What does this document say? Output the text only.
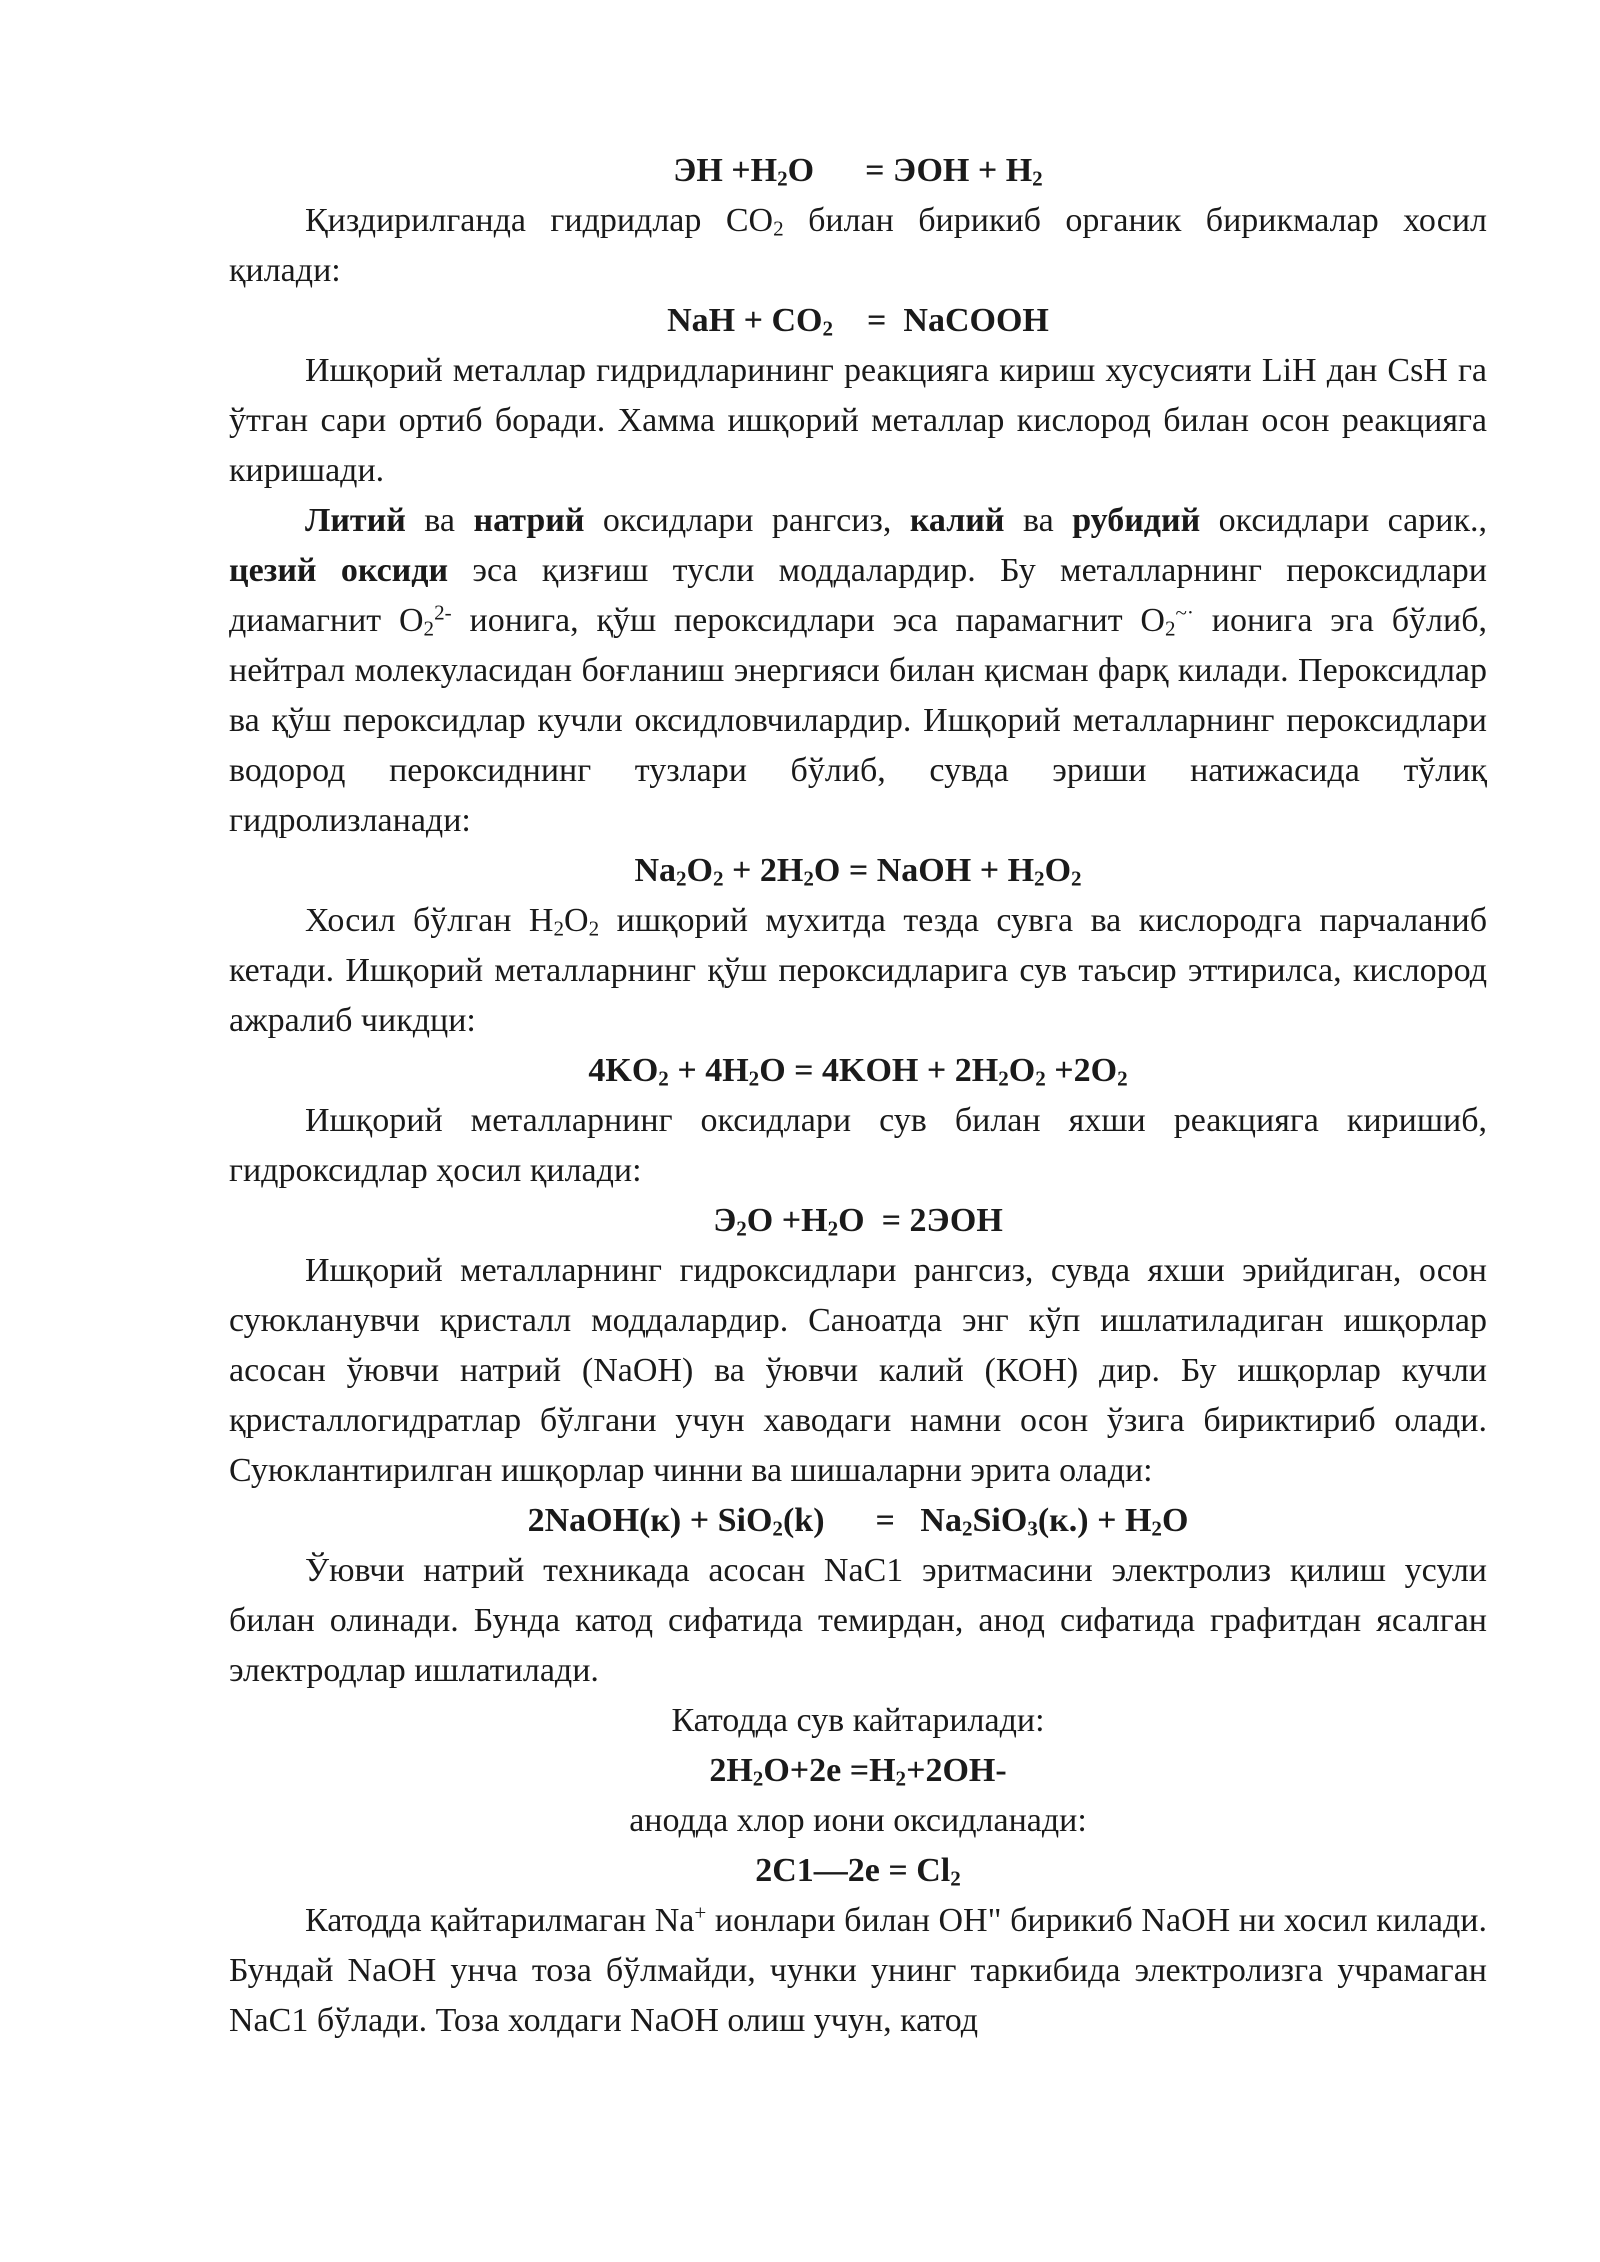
ЭН $+Н_2О$      = ЭОН + $Н_2$

Қиздирилганда гидридлар $СО_2$ билан бирикиб органик бирикмалар хосил қилади:

NaH + $CO_2$    =  NaCOOH

Ишқорий металлар гидридларининг реакцияга кириш хусусияти LiH дан CsH га ўтган сари ортиб боради. Хамма ишқорий металлар кислород билан осон реакцияга киришади.

Литий ва натрий оксидлари рангсиз, калий ва рубидий оксидлари сарик., цезий оксиди эса қизғиш тусли моддалардир. Бу металларнинг пероксидлари диамагнит $O_2^{2-}$ ионига, қўш пероксидлари эса парамагнит $O_2^{\sim\cdot}$ ионига эга бўлиб, нейтрал молекуласидан боғланиш энергияси билан қисман фарқ килади. Пероксидлар ва қўш пероксидлар кучли оксидловчилардир. Ишқорий металларнинг пероксидлари водород пероксиднинг тузлари бўлиб, сувда эриши натижасида тўлиқ гидролизланади:

$Na_2O_2 + 2H_2O$ = NaOH + $H_2O_2$

Хосил бўлган $Н_2О_2$ ишқорий мухитда тезда сувга ва кислородга парчаланиб кетади. Ишқорий металларнинг қўш пероксидларига сув таъсир эттирилса, кислород ажралиб чикдци:

$4KO_2 + 4H_2O = 4KOH + 2H_2O_2 +2O_2$

Ишқорий металларнинг оксидлари сув билан яхши реакцияга киришиб, гидроксидлар ҳосил қилади:

$Э_2О +Н_2О = 2ЭОН$

Ишқорий металларнинг гидроксидлари рангсиз, сувда яхши эрийдиган, осон суюкланувчи қристалл моддалардир. Саноатда энг кўп ишлатиладиган ишқорлар асосан ўювчи натрий (NaOH) ва ўювчи калий (КОН) дир. Бу ишқорлар кучли қристаллогидратлар бўлгани учун хаводаги намни осон ўзига бириктириб олади. Суюклантирилган ишқорлар чинни ва шишаларни эрита олади:

2NaOH(к) + SiO$_2$(k)      =   $Na_2SiO_3(к.) + H_2O$

Ўювчи натрий техникада асосан NaC1 эритмасини электролиз қилиш усули билан олинади. Бунда катод сифатида темирдан, анод сифатида графитдан ясалган электродлар ишлатилади.

Катодда сув кайтарилади:

$2H_2O+2e =H_2+2OH-$

анодда хлор иони оксидланади:

2C1—2e = $Cl_2$

Катодда қайтарилмаган Na+ ионлари билан ОН" бирикиб NaOH ни хосил килади. Бундай NaOH унча тоза бўлмайди, чунки унинг таркибида электролизга учрамаган NaC1 бўлади. Тоза холдаги NaOH олиш учун, катод
